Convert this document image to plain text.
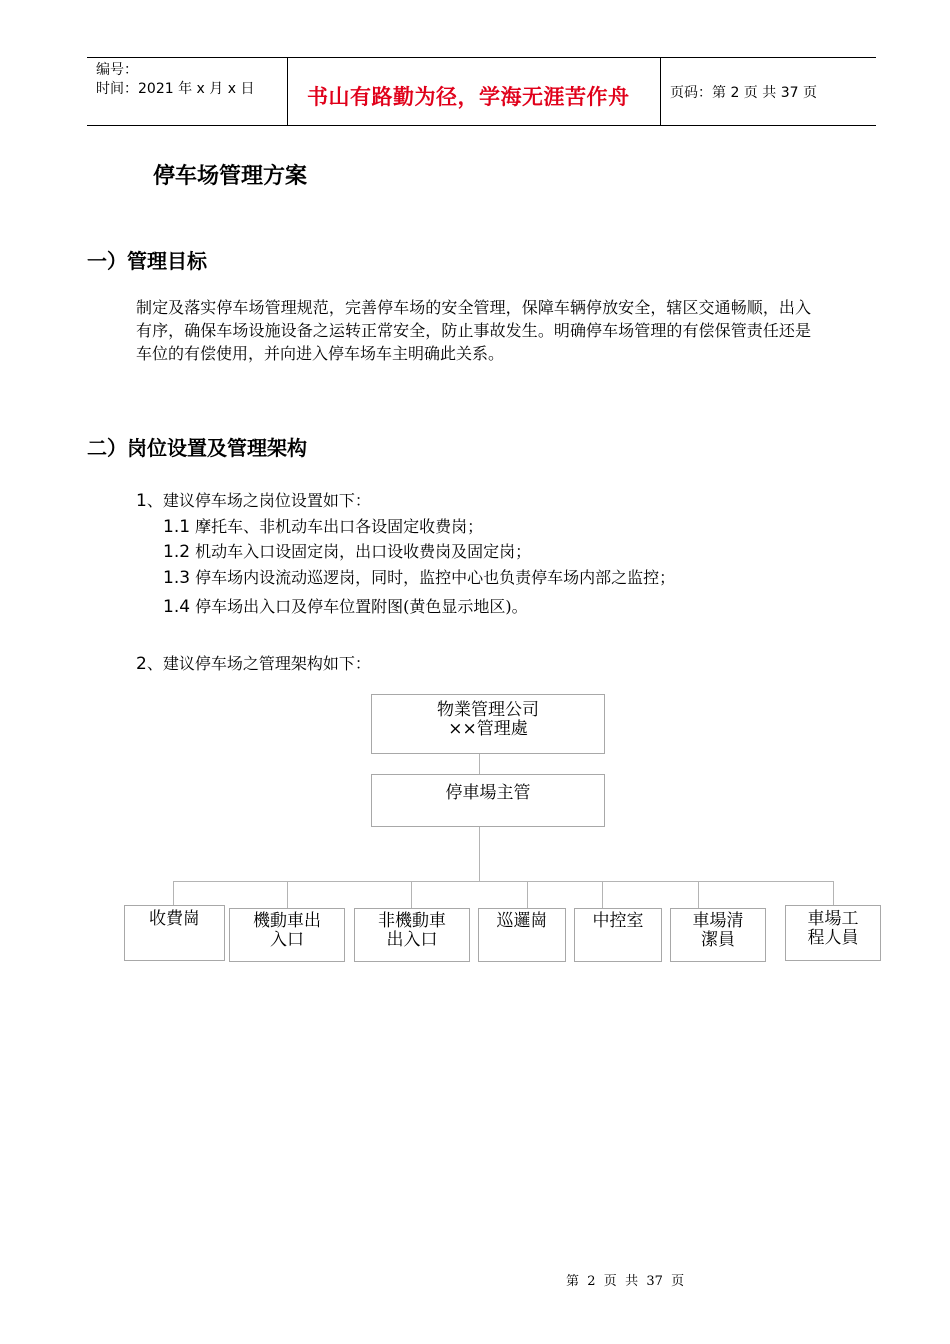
编号：
时间：2021 年 x 月 x 日	书山有路勤为径，学海无涯苦作舟	页码：第 2 页 共 37 页
停车场管理方案
一）管理目标
制定及落实停车场管理规范，完善停车场的安全管理，保障车辆停放安全，辖区交通畅顺，出入有序，确保车场设施设备之运转正常安全，防止事故发生。明确停车场管理的有偿保管责任还是车位的有偿使用，并向进入停车场车主明确此关系。
二）岗位设置及管理架构
1、建议停车场之岗位设置如下：
1.1 摩托车、非机动车出口各设固定收费岗；
1.2 机动车入口设固定岗，出口设收费岗及固定岗；
1.3 停车场内设流动巡逻岗，同时，监控中心也负责停车场内部之监控；
1.4 停车场出入口及停车位置附图(黄色显示地区)。
2、建议停车场之管理架构如下：
物業管理公司
××管理處
停車場主管
收費崗	機動車出
入口
非機動車
出入口
巡邏崗	中控室	車場清
潔員
車場工
程人員
第  2  页  共  37  页
